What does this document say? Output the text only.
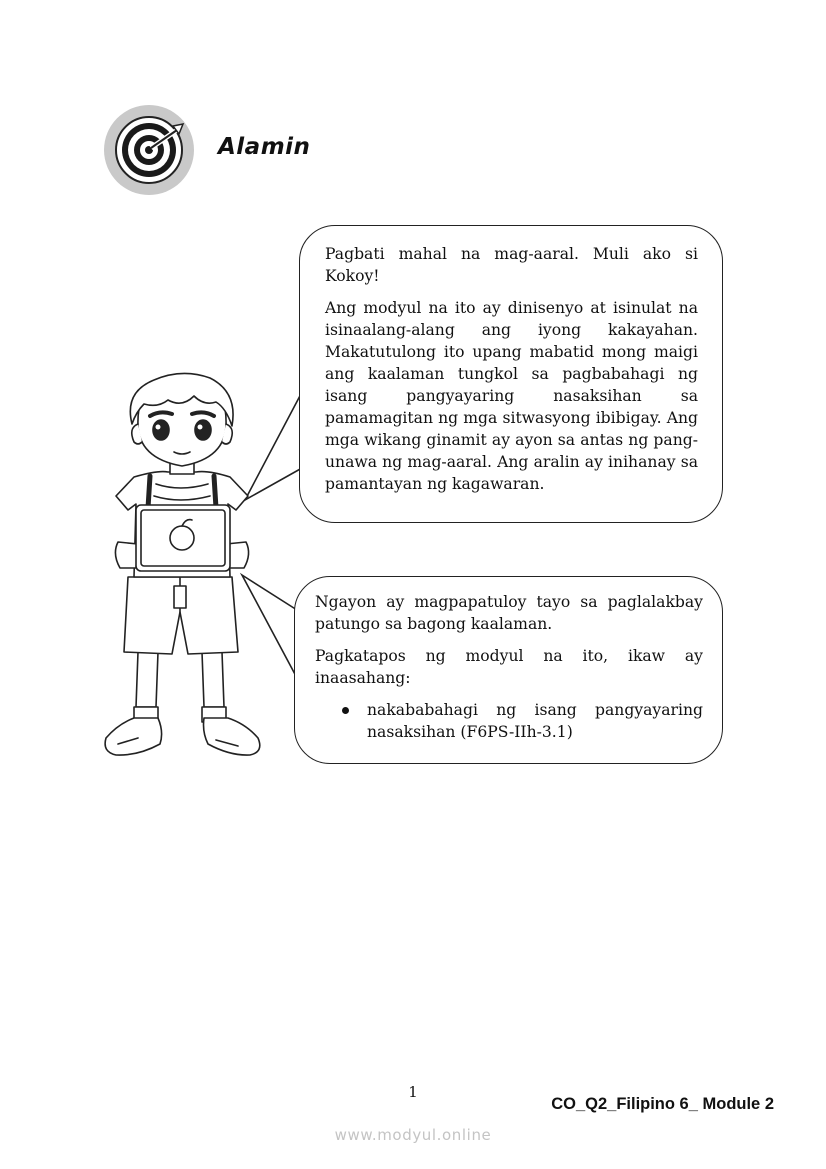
Alamin

Pagbati mahal na mag-aaral. Muli ako si Kokoy!

Ang modyul na ito ay dinisenyo at isinulat na isinaalang-alang ang iyong kakayahan. Makatutulong ito upang mabatid mong maigi ang kaalaman tungkol sa pagbabahagi ng isang pangyayaring nasaksihan sa pamamagitan ng mga sitwasyong ibibigay. Ang mga wikang ginamit ay ayon sa antas ng pang-unawa ng mag-aaral. Ang aralin ay inihanay sa pamantayan ng kagawaran.

Ngayon ay magpapatuloy tayo sa paglalakbay patungo sa bagong kaalaman.

Pagkatapos ng modyul na ito, ikaw ay inaasahang:

nakababahagi ng isang pangyayaring nasaksihan (F6PS-IIh-3.1)
1
CO_Q2_Filipino 6_ Module 2
www.modyul.online
